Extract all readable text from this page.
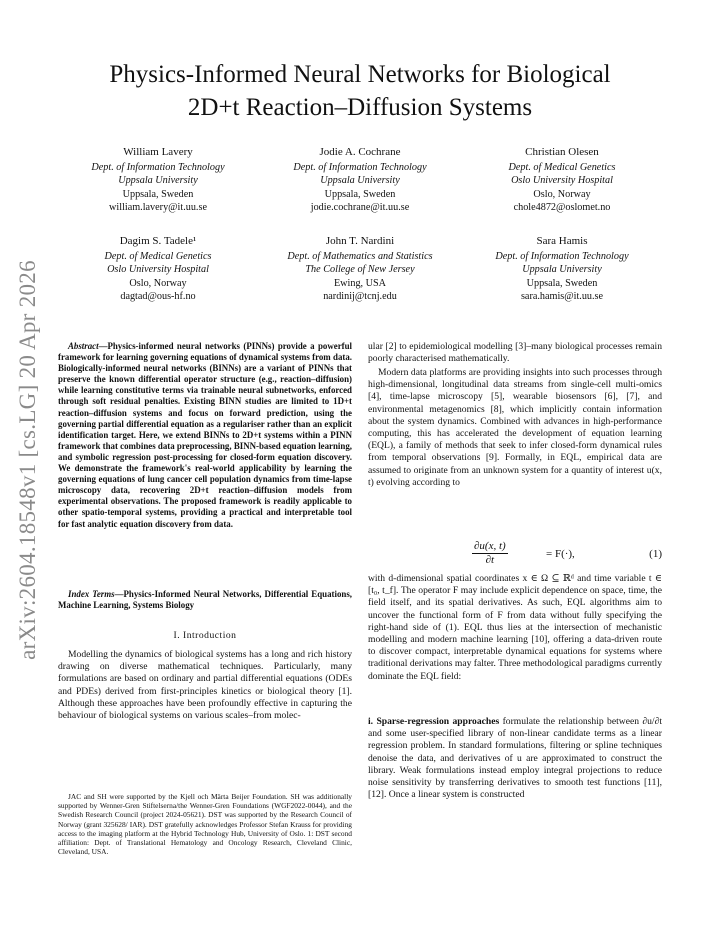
arXiv:2604.18548v1 [cs.LG] 20 Apr 2026
Physics-Informed Neural Networks for Biological
2D+t Reaction–Diffusion Systems
William Lavery
Dept. of Information Technology
Uppsala University
Uppsala, Sweden
william.lavery@it.uu.se
Jodie A. Cochrane
Dept. of Information Technology
Uppsala University
Uppsala, Sweden
jodie.cochrane@it.uu.se
Christian Olesen
Dept. of Medical Genetics
Oslo University Hospital
Oslo, Norway
chole4872@oslomet.no
Dagim S. Tadele¹
Dept. of Medical Genetics
Oslo University Hospital
Oslo, Norway
dagtad@ous-hf.no
John T. Nardini
Dept. of Mathematics and Statistics
The College of New Jersey
Ewing, USA
nardinij@tcnj.edu
Sara Hamis
Dept. of Information Technology
Uppsala University
Uppsala, Sweden
sara.hamis@it.uu.se
Abstract—Physics-informed neural networks (PINNs) provide a powerful framework for learning governing equations of dynamical systems from data. Biologically-informed neural networks (BINNs) are a variant of PINNs that preserve the known differential operator structure (e.g., reaction–diffusion) while learning constitutive terms via trainable neural subnetworks, enforced through soft residual penalties. Existing BINN studies are limited to 1D+t reaction–diffusion systems and focus on forward prediction, using the governing partial differential equation as a regulariser rather than an explicit identification target. Here, we extend BINNs to 2D+t systems within a PINN framework that combines data preprocessing, BINN-based equation learning, and symbolic regression post-processing for closed-form equation discovery. We demonstrate the framework's real-world applicability by learning the governing equations of lung cancer cell population dynamics from time-lapse microscopy data, recovering 2D+t reaction–diffusion models from experimental observations. The proposed framework is readily applicable to other spatio-temporal systems, providing a practical and interpretable tool for fast analytic equation discovery from data.
Index Terms—Physics-Informed Neural Networks, Differential Equations, Machine Learning, Systems Biology
I. Introduction
Modelling the dynamics of biological systems has a long and rich history drawing on diverse mathematical techniques. Particularly, many formulations are based on ordinary and partial differential equations (ODEs and PDEs) derived from first-principles kinetics or biological theory [1]. Although these approaches have been profoundly effective in capturing the behaviour of biological systems on various scales–from molec-
JAC and SH were supported by the Kjell och Märta Beijer Foundation. SH was additionally supported by Wenner-Gren Stiftelserna/the Wenner-Gren Foundations (WGF2022-0044), and the Swedish Research Council (project 2024-05621). DST was supported by the Research Council of Norway (grant 325628/ IAR). DST gratefully acknowledges Professor Stefan Krauss for providing access to the imaging platform at the Hybrid Technology Hub, University of Oslo. 1: DST second affiliation: Dept. of Translational Hematology and Oncology Research, Cleveland Clinic, Cleveland, USA.
ular [2] to epidemiological modelling [3]–many biological processes remain poorly characterised mathematically.
Modern data platforms are providing insights into such processes through high-dimensional, longitudinal data streams from single-cell multi-omics [4], time-lapse microscopy [5], wearable biosensors [6], [7], and environmental metagenomics [8], which implicitly contain information about the system dynamics. Combined with advances in high-performance computing, this has accelerated the development of equation learning (EQL), a family of methods that seek to infer closed-form dynamical rules from temporal observations [9]. Formally, in EQL, empirical data are assumed to originate from an unknown system for a quantity of interest u(x, t) evolving according to
$\frac{\partial u(x, t)}{\partial t}$	= F(·),	(1)
with d-dimensional spatial coordinates x ∈ Ω ⊆ ℝᵈ and time variable t ∈ [t₀, t_f]. The operator F may include explicit dependence on space, time, the field itself, and its spatial derivatives. As such, EQL algorithms aim to uncover the functional form of F from data without fully specifying the right-hand side of (1). EQL thus lies at the intersection of mechanistic modelling and modern machine learning [10], offering a data-driven route to discover compact, interpretable dynamical equations for systems where traditional derivations may falter. Three methodological paradigms currently dominate the EQL field:
i. Sparse-regression approaches formulate the relationship between ∂u/∂t and some user-specified library of non-linear candidate terms as a linear regression problem. In standard formulations, filtering or spline techniques denoise the data, and derivatives of u are approximated to construct the library. Weak formulations instead employ integral projections to reduce noise sensitivity by transferring derivatives to smooth test functions [11], [12]. Once a linear system is constructed
